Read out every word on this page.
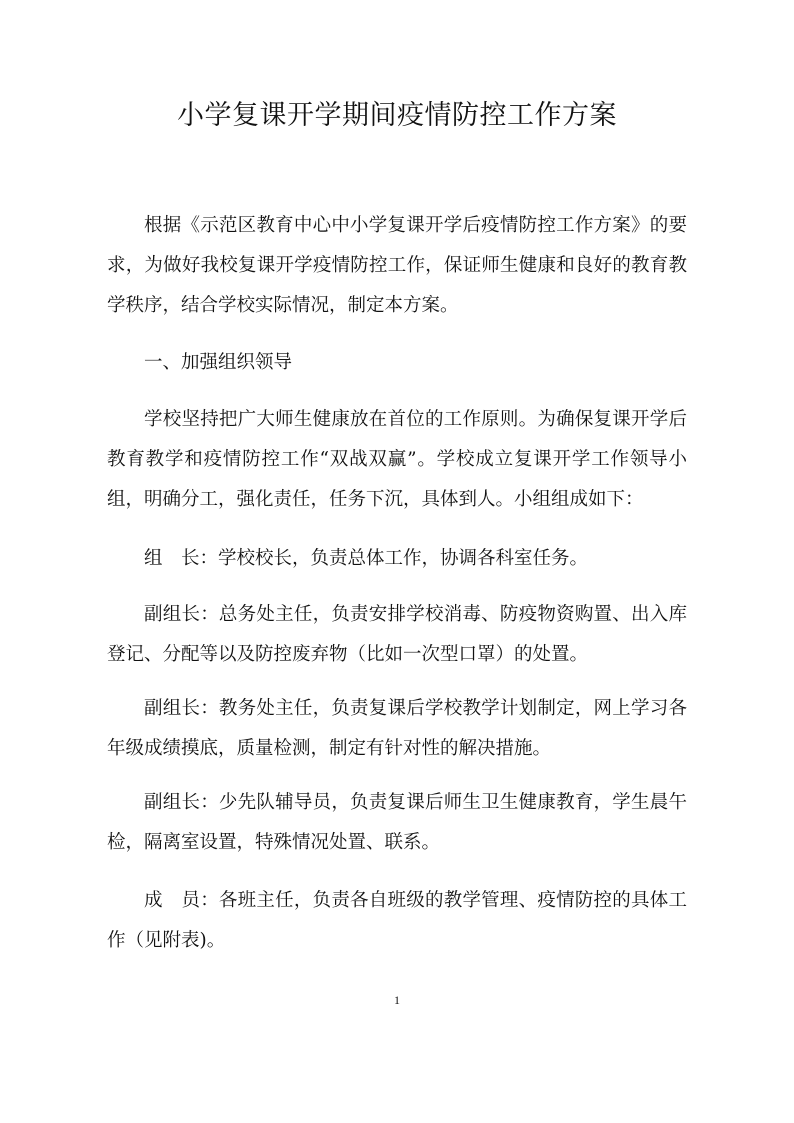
小学复课开学期间疫情防控工作方案

根据《示范区教育中心中小学复课开学后疫情防控工作方案》的要求，为做好我校复课开学疫情防控工作，保证师生健康和良好的教育教学秩序，结合学校实际情况，制定本方案。

一、加强组织领导

学校坚持把广大师生健康放在首位的工作原则。为确保复课开学后教育教学和疫情防控工作“双战双赢”。学校成立复课开学工作领导小组，明确分工，强化责任，任务下沉，具体到人。小组组成如下：

组　长：学校校长，负责总体工作，协调各科室任务。

副组长：总务处主任，负责安排学校消毒、防疫物资购置、出入库登记、分配等以及防控废弃物（比如一次型口罩）的处置。

副组长：教务处主任，负责复课后学校教学计划制定，网上学习各年级成绩摸底，质量检测，制定有针对性的解决措施。

副组长：少先队辅导员，负责复课后师生卫生健康教育，学生晨午检，隔离室设置，特殊情况处置、联系。

成　员：各班主任，负责各自班级的教学管理、疫情防控的具体工作（见附表)。

1
